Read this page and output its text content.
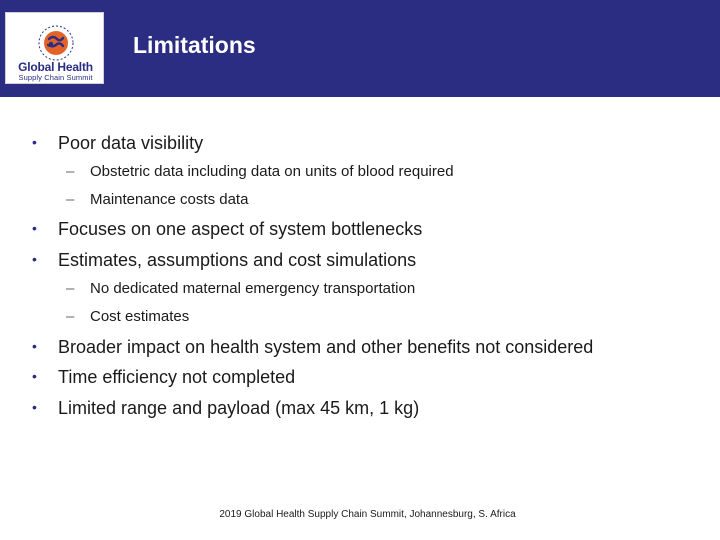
Global Health
Supply Chain Summit
Limitations
• Poor data visibility
– Obstetric data including data on units of blood required
– Maintenance costs data
• Focuses on one aspect of system bottlenecks
• Estimates, assumptions and cost simulations
– No dedicated maternal emergency transportation
– Cost estimates
• Broader impact on health system and other benefits not considered
• Time efficiency not completed
• Limited range and payload (max 45 km, 1 kg)
2019 Global Health Supply Chain Summit, Johannesburg, S. Africa
